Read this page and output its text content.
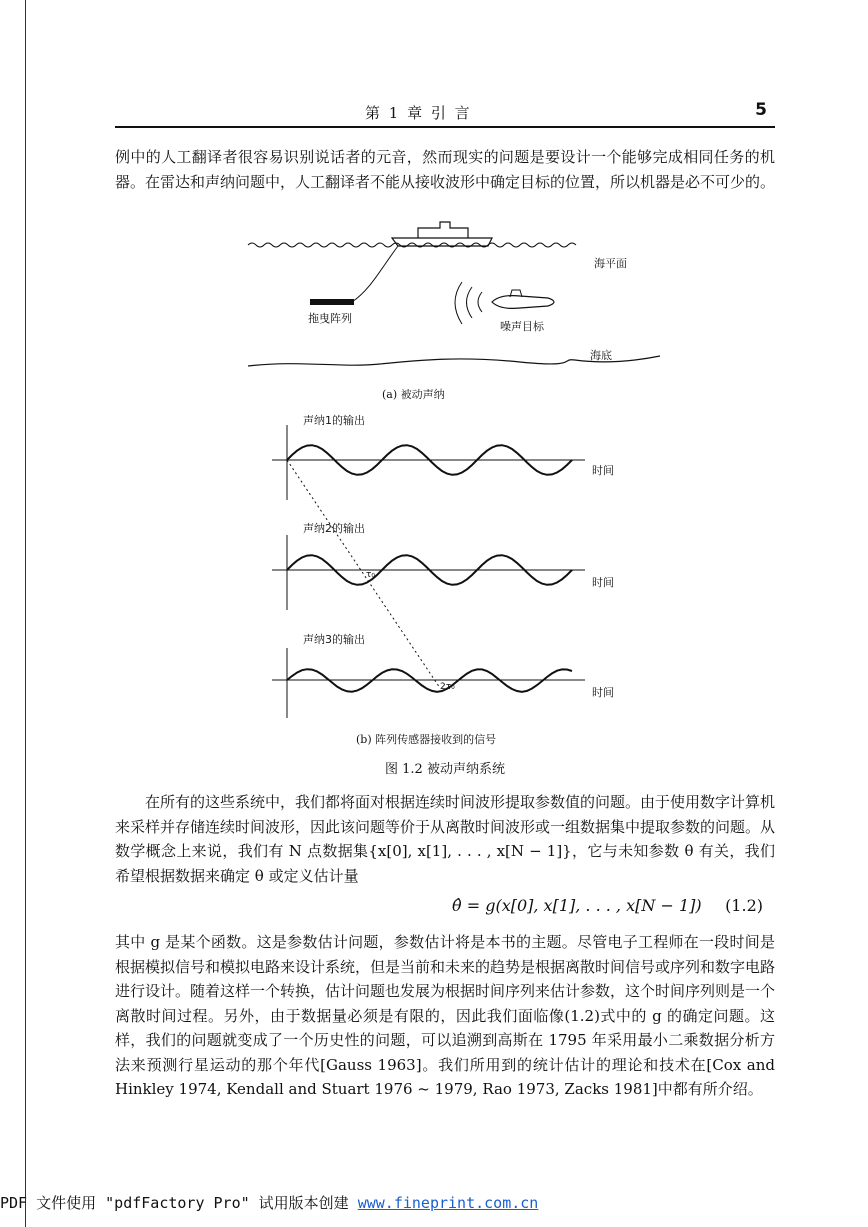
第 1 章 引 言	5

例中的人工翻译者很容易识别说话者的元音，然而现实的问题是要设计一个能够完成相同任务的机器。在雷达和声纳问题中，人工翻译者不能从接收波形中确定目标的位置，所以机器是必不可少的。

海平面
拖曳阵列
噪声目标
海底
(a) 被动声纳
声纳1的输出
时间
声纳2的输出
τ₀
时间
声纳3的输出
2τ₀	时间
(b) 阵列传感器接收到的信号
图 1.2 被动声纳系统

在所有的这些系统中，我们都将面对根据连续时间波形提取参数值的问题。由于使用数字计算机来采样并存储连续时间波形，因此该问题等价于从离散时间波形或一组数据集中提取参数的问题。从数学概念上来说，我们有 N 点数据集{x[0], x[1], . . . , x[N − 1]}，它与未知参数 θ 有关，我们希望根据数据来确定 θ 或定义估计量

θ̂ = g(x[0], x[1], . . . , x[N − 1]) (1.2)

其中 g 是某个函数。这是参数估计问题，参数估计将是本书的主题。尽管电子工程师在一段时间是根据模拟信号和模拟电路来设计系统，但是当前和未来的趋势是根据离散时间信号或序列和数字电路进行设计。随着这样一个转换，估计问题也发展为根据时间序列来估计参数，这个时间序列则是一个离散时间过程。另外，由于数据量必须是有限的，因此我们面临像(1.2)式中的 g 的确定问题。这样，我们的问题就变成了一个历史性的问题，可以追溯到高斯在 1795 年采用最小二乘数据分析方法来预测行星运动的那个年代[Gauss 1963]。我们所用到的统计估计的理论和技术在[Cox and Hinkley 1974, Kendall and Stuart 1976 ~ 1979, Rao 1973, Zacks 1981]中都有所介绍。

PDF 文件使用 "pdfFactory Pro" 试用版本创建 www.fineprint.com.cn
